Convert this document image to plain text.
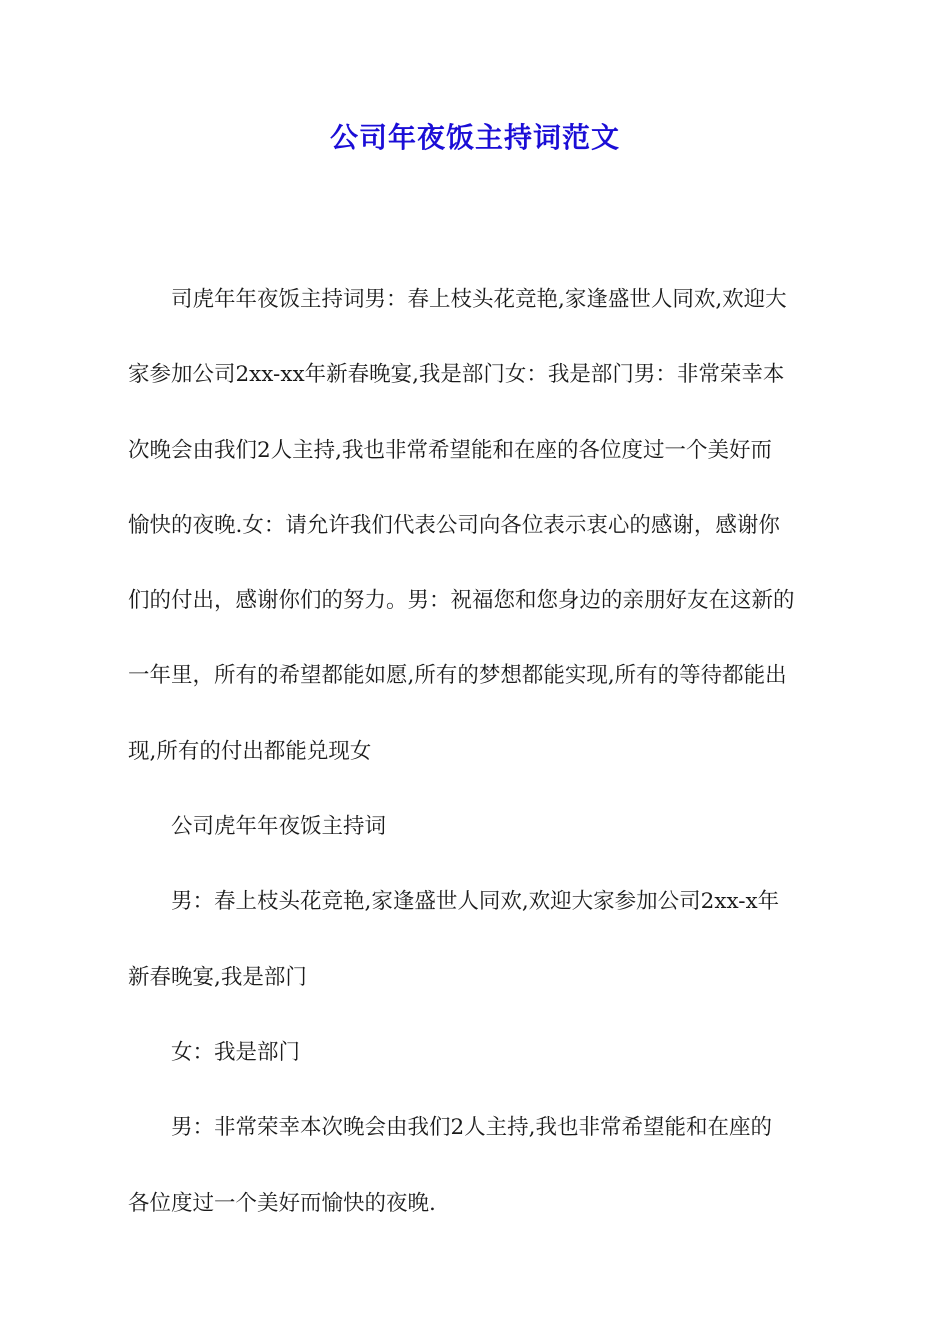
公司年夜饭主持词范文

司虎年年夜饭主持词男：春上枝头花竞艳,家逢盛世人同欢,欢迎大
家参加公司2xx-xx年新春晚宴,我是部门女：我是部门男：非常荣幸本
次晚会由我们2人主持,我也非常希望能和在座的各位度过一个美好而
愉快的夜晚.女：请允许我们代表公司向各位表示衷心的感谢，感谢你
们的付出，感谢你们的努力。男：祝福您和您身边的亲朋好友在这新的
一年里，所有的希望都能如愿,所有的梦想都能实现,所有的等待都能出
现,所有的付出都能兑现女

公司虎年年夜饭主持词

男：春上枝头花竞艳,家逢盛世人同欢,欢迎大家参加公司2xx-x年
新春晚宴,我是部门

女：我是部门

男：非常荣幸本次晚会由我们2人主持,我也非常希望能和在座的
各位度过一个美好而愉快的夜晚.
